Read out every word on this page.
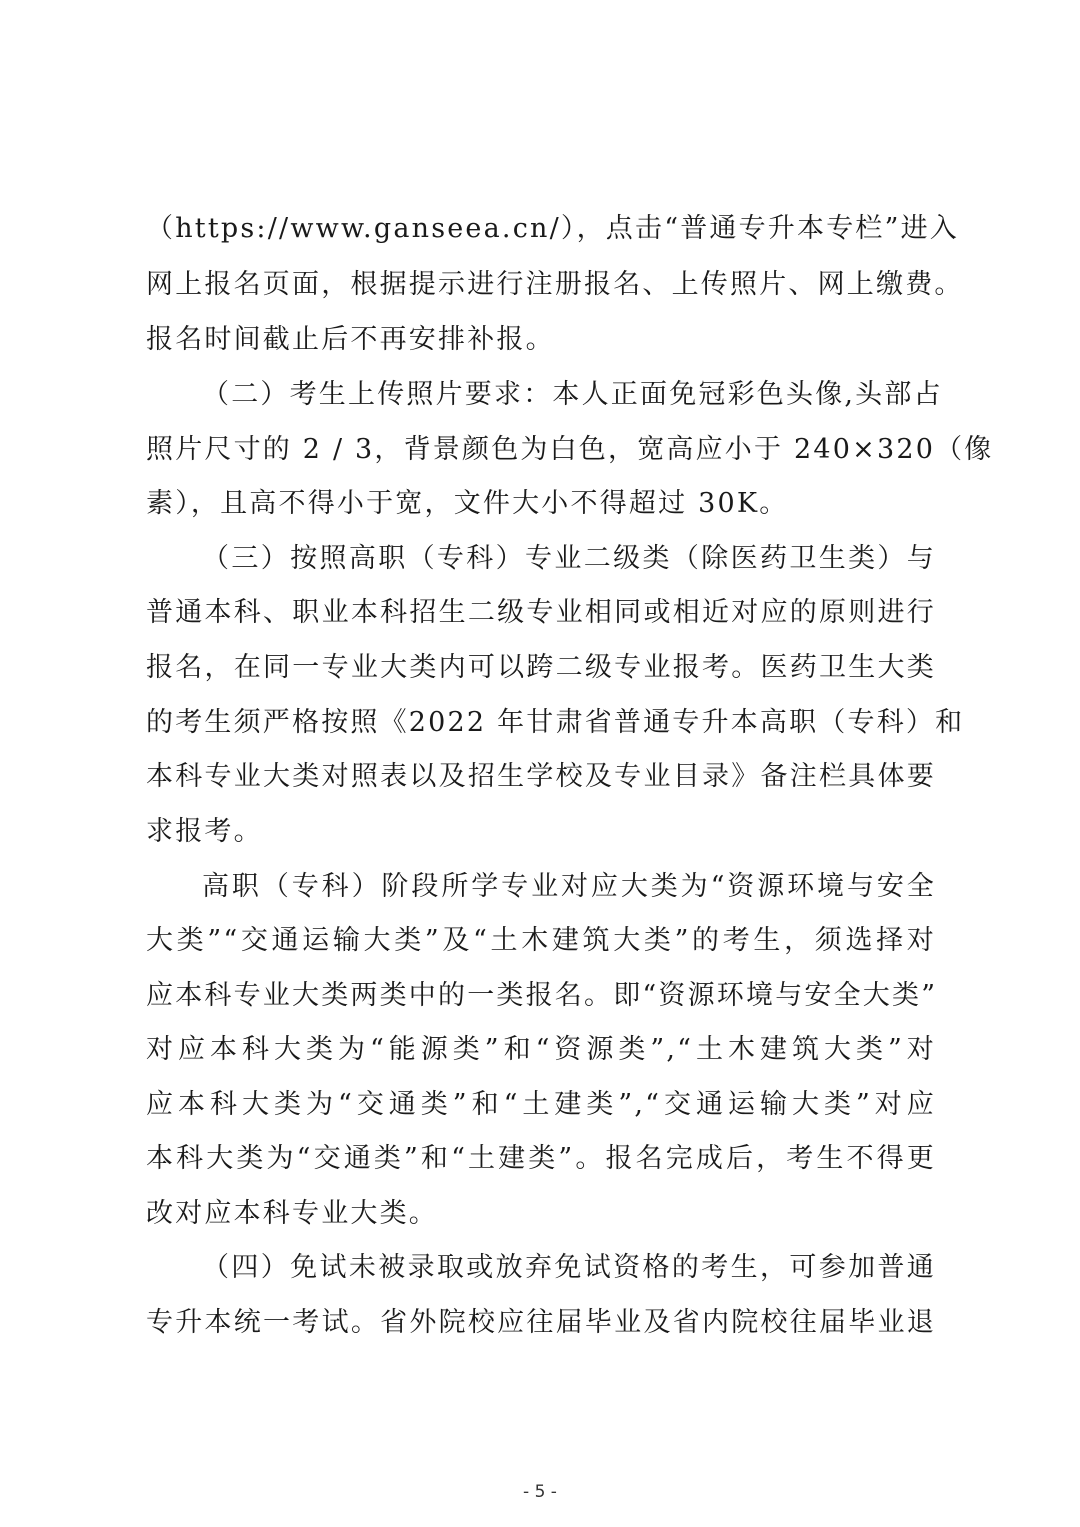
（https://www.ganseea.cn/），点击“普通专升本专栏”进入
网上报名页面，根据提示进行注册报名、上传照片、网上缴费。
报名时间截止后不再安排补报。
（二）考生上传照片要求：本人正面免冠彩色头像,头部占
照片尺寸的 2 / 3，背景颜色为白色，宽高应小于 240×320（像
素），且高不得小于宽，文件大小不得超过 30K。
（三）按照高职（专科）专业二级类（除医药卫生类）与
普通本科、职业本科招生二级专业相同或相近对应的原则进行
报名，在同一专业大类内可以跨二级专业报考。医药卫生大类
的考生须严格按照《2022 年甘肃省普通专升本高职（专科）和
本科专业大类对照表以及招生学校及专业目录》备注栏具体要
求报考。
高职（专科）阶段所学专业对应大类为“资源环境与安全
大类”“交通运输大类”及“土木建筑大类”的考生，须选择对
应本科专业大类两类中的一类报名。即“资源环境与安全大类”
对应本科大类为“能源类”和“资源类”,“土木建筑大类”对
应本科大类为“交通类”和“土建类”,“交通运输大类”对应
本科大类为“交通类”和“土建类”。报名完成后，考生不得更
改对应本科专业大类。
（四）免试未被录取或放弃免试资格的考生，可参加普通
专升本统一考试。省外院校应往届毕业及省内院校往届毕业退
- 5 -
